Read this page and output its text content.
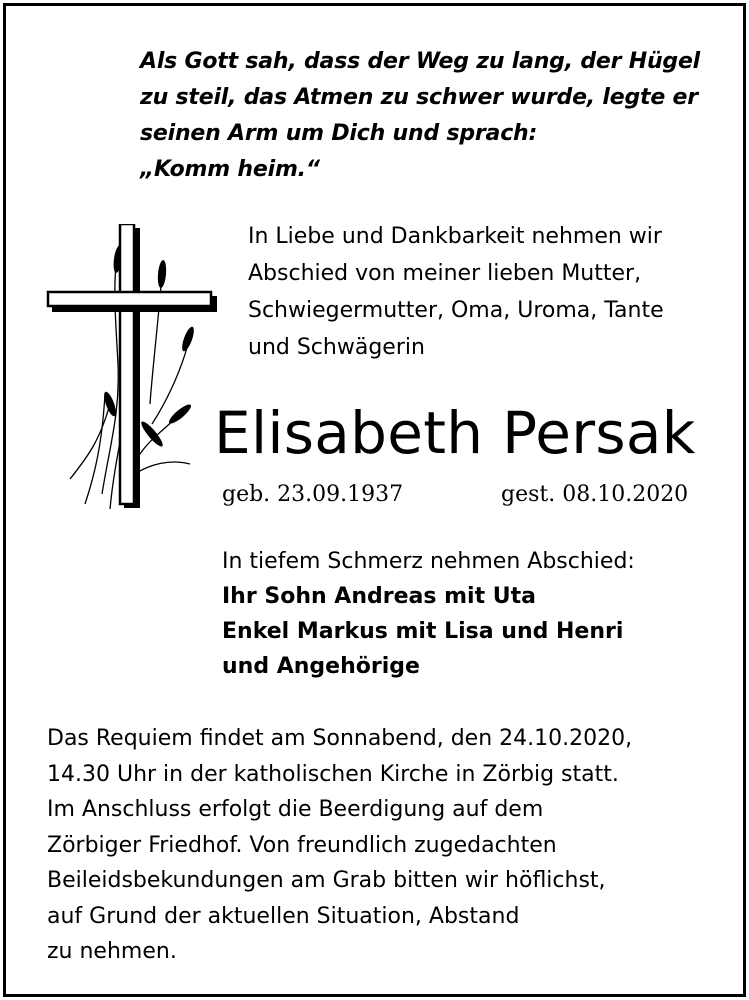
Als Gott sah, dass der Weg zu lang, der Hügel
zu steil, das Atmen zu schwer wurde, legte er
seinen Arm um Dich und sprach:
„Komm heim.“
In Liebe und Dankbarkeit nehmen wir
Abschied von meiner lieben Mutter,
Schwiegermutter, Oma, Uroma, Tante
und Schwägerin
Elisabeth Persak
geb. 23.09.1937	gest. 08.10.2020
In tiefem Schmerz nehmen Abschied:
Ihr Sohn Andreas mit Uta
Enkel Markus mit Lisa und Henri
und Angehörige
Das Requiem findet am Sonnabend, den 24.10.2020,
14.30 Uhr in der katholischen Kirche in Zörbig statt.
Im Anschluss erfolgt die Beerdigung auf dem
Zörbiger Friedhof. Von freundlich zugedachten
Beileidsbekundungen am Grab bitten wir höflichst,
auf Grund der aktuellen Situation, Abstand
zu nehmen.
